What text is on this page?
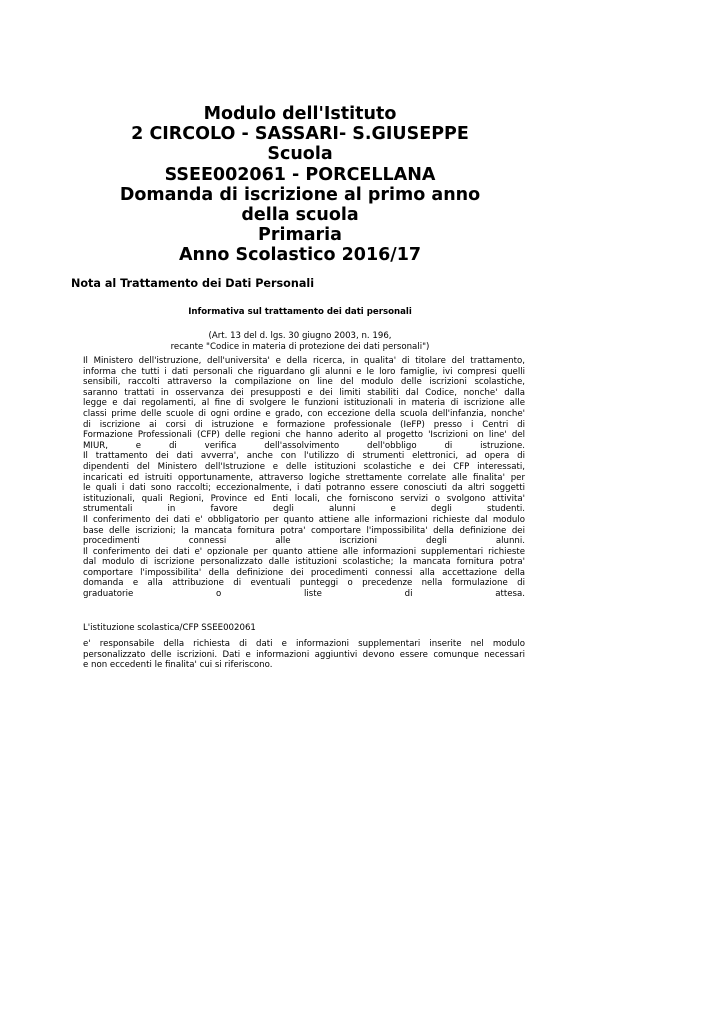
Modulo dell'Istituto
2 CIRCOLO - SASSARI- S.GIUSEPPE
Scuola
SSEE002061 - PORCELLANA
Domanda di iscrizione al primo anno
della scuola
Primaria
Anno Scolastico 2016/17
Nota al Trattamento dei Dati Personali
Informativa sul trattamento dei dati personali
(Art. 13 del d. lgs. 30 giugno 2003, n. 196,
recante "Codice in materia di protezione dei dati personali")
Il Ministero dell'istruzione, dell'universita' e della ricerca, in qualita' di titolare del trattamento,
informa che tutti i dati personali che riguardano gli alunni e le loro famiglie, ivi compresi quelli
sensibili, raccolti attraverso la compilazione on line del modulo delle iscrizioni scolastiche,
saranno trattati in osservanza dei presupposti e dei limiti stabiliti dal Codice, nonche' dalla
legge e dai regolamenti, al fine di svolgere le funzioni istituzionali in materia di iscrizione alle
classi prime delle scuole di ogni ordine e grado, con eccezione della scuola dell'infanzia, nonche'
di iscrizione ai corsi di istruzione e formazione professionale (IeFP) presso i Centri di
Formazione Professionali (CFP) delle regioni che hanno aderito al progetto 'Iscrizioni on line' del
MIUR, e di verifica dell'assolvimento dell'obbligo di istruzione.
Il trattamento dei dati avverra', anche con l'utilizzo di strumenti elettronici, ad opera di
dipendenti del Ministero dell'Istruzione e delle istituzioni scolastiche e dei CFP interessati,
incaricati ed istruiti opportunamente, attraverso logiche strettamente correlate alle finalita' per
le quali i dati sono raccolti; eccezionalmente, i dati potranno essere conosciuti da altri soggetti
istituzionali, quali Regioni, Province ed Enti locali, che forniscono servizi o svolgono attivita'
strumentali in favore degli alunni e degli studenti.
Il conferimento dei dati e' obbligatorio per quanto attiene alle informazioni richieste dal modulo
base delle iscrizioni; la mancata fornitura potra' comportare l'impossibilita' della definizione dei
procedimenti connessi alle iscrizioni degli alunni.
Il conferimento dei dati e' opzionale per quanto attiene alle informazioni supplementari richieste
dal modulo di iscrizione personalizzato dalle istituzioni scolastiche; la mancata fornitura potra'
comportare l'impossibilita' della definizione dei procedimenti connessi alla accettazione della
domanda e alla attribuzione di eventuali punteggi o precedenze nella formulazione di
graduatorie o liste di attesa.
L'istituzione scolastica/CFP SSEE002061
e' responsabile della richiesta di dati e informazioni supplementari inserite nel modulo
personalizzato delle iscrizioni. Dati e informazioni aggiuntivi devono essere comunque necessari
e non eccedenti le finalita' cui si riferiscono.
